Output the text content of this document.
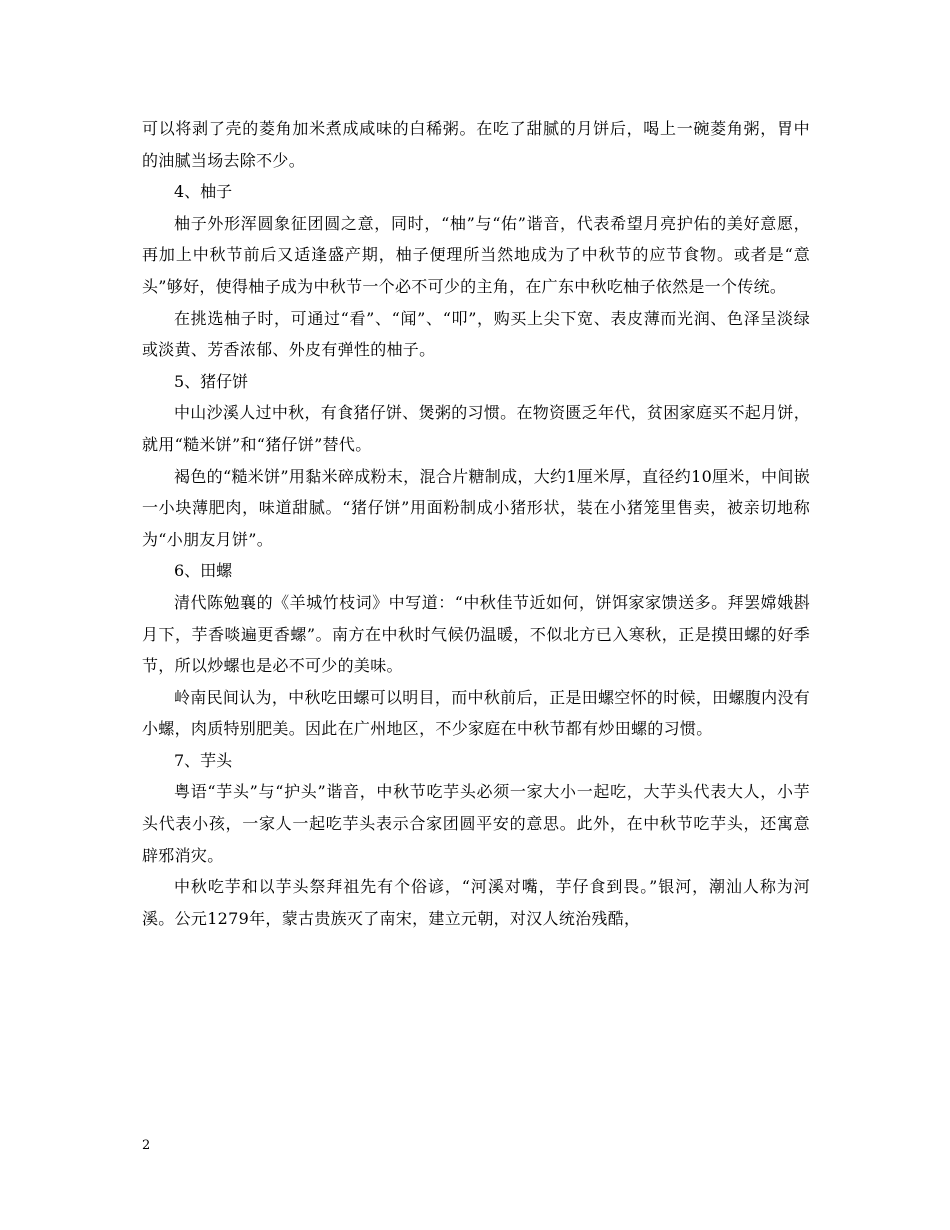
可以将剥了壳的菱角加米煮成咸味的白稀粥。在吃了甜腻的月饼后，喝上一碗菱角粥，胃中的油腻当场去除不少。

4、柚子

柚子外形浑圆象征团圆之意，同时，“柚”与“佑”谐音，代表希望月亮护佑的美好意愿，再加上中秋节前后又适逢盛产期，柚子便理所当然地成为了中秋节的应节食物。或者是“意头”够好，使得柚子成为中秋节一个必不可少的主角，在广东中秋吃柚子依然是一个传统。

在挑选柚子时，可通过“看”、“闻”、“叩”，购买上尖下宽、表皮薄而光润、色泽呈淡绿或淡黄、芳香浓郁、外皮有弹性的柚子。

5、猪仔饼

中山沙溪人过中秋，有食猪仔饼、煲粥的习惯。在物资匮乏年代，贫困家庭买不起月饼，就用“糙米饼”和“猪仔饼”替代。

褐色的“糙米饼”用黏米碎成粉末，混合片糖制成，大约1厘米厚，直径约10厘米，中间嵌一小块薄肥肉，味道甜腻。“猪仔饼”用面粉制成小猪形状，装在小猪笼里售卖，被亲切地称为“小朋友月饼”。

6、田螺

清代陈勉襄的《羊城竹枝词》中写道：“中秋佳节近如何，饼饵家家馈送多。拜罢嫦娥斟月下，芋香啖遍更香螺”。南方在中秋时气候仍温暖，不似北方已入寒秋，正是摸田螺的好季节，所以炒螺也是必不可少的美味。

岭南民间认为，中秋吃田螺可以明目，而中秋前后，正是田螺空怀的时候，田螺腹内没有小螺，肉质特别肥美。因此在广州地区，不少家庭在中秋节都有炒田螺的习惯。

7、芋头

粤语“芋头”与“护头”谐音，中秋节吃芋头必须一家大小一起吃，大芋头代表大人，小芋头代表小孩，一家人一起吃芋头表示合家团圆平安的意思。此外，在中秋节吃芋头，还寓意辟邪消灾。

中秋吃芋和以芋头祭拜祖先有个俗谚，“河溪对嘴，芋仔食到畏。”银河，潮汕人称为河溪。公元1279年，蒙古贵族灭了南宋，建立元朝，对汉人统治残酷，

2
